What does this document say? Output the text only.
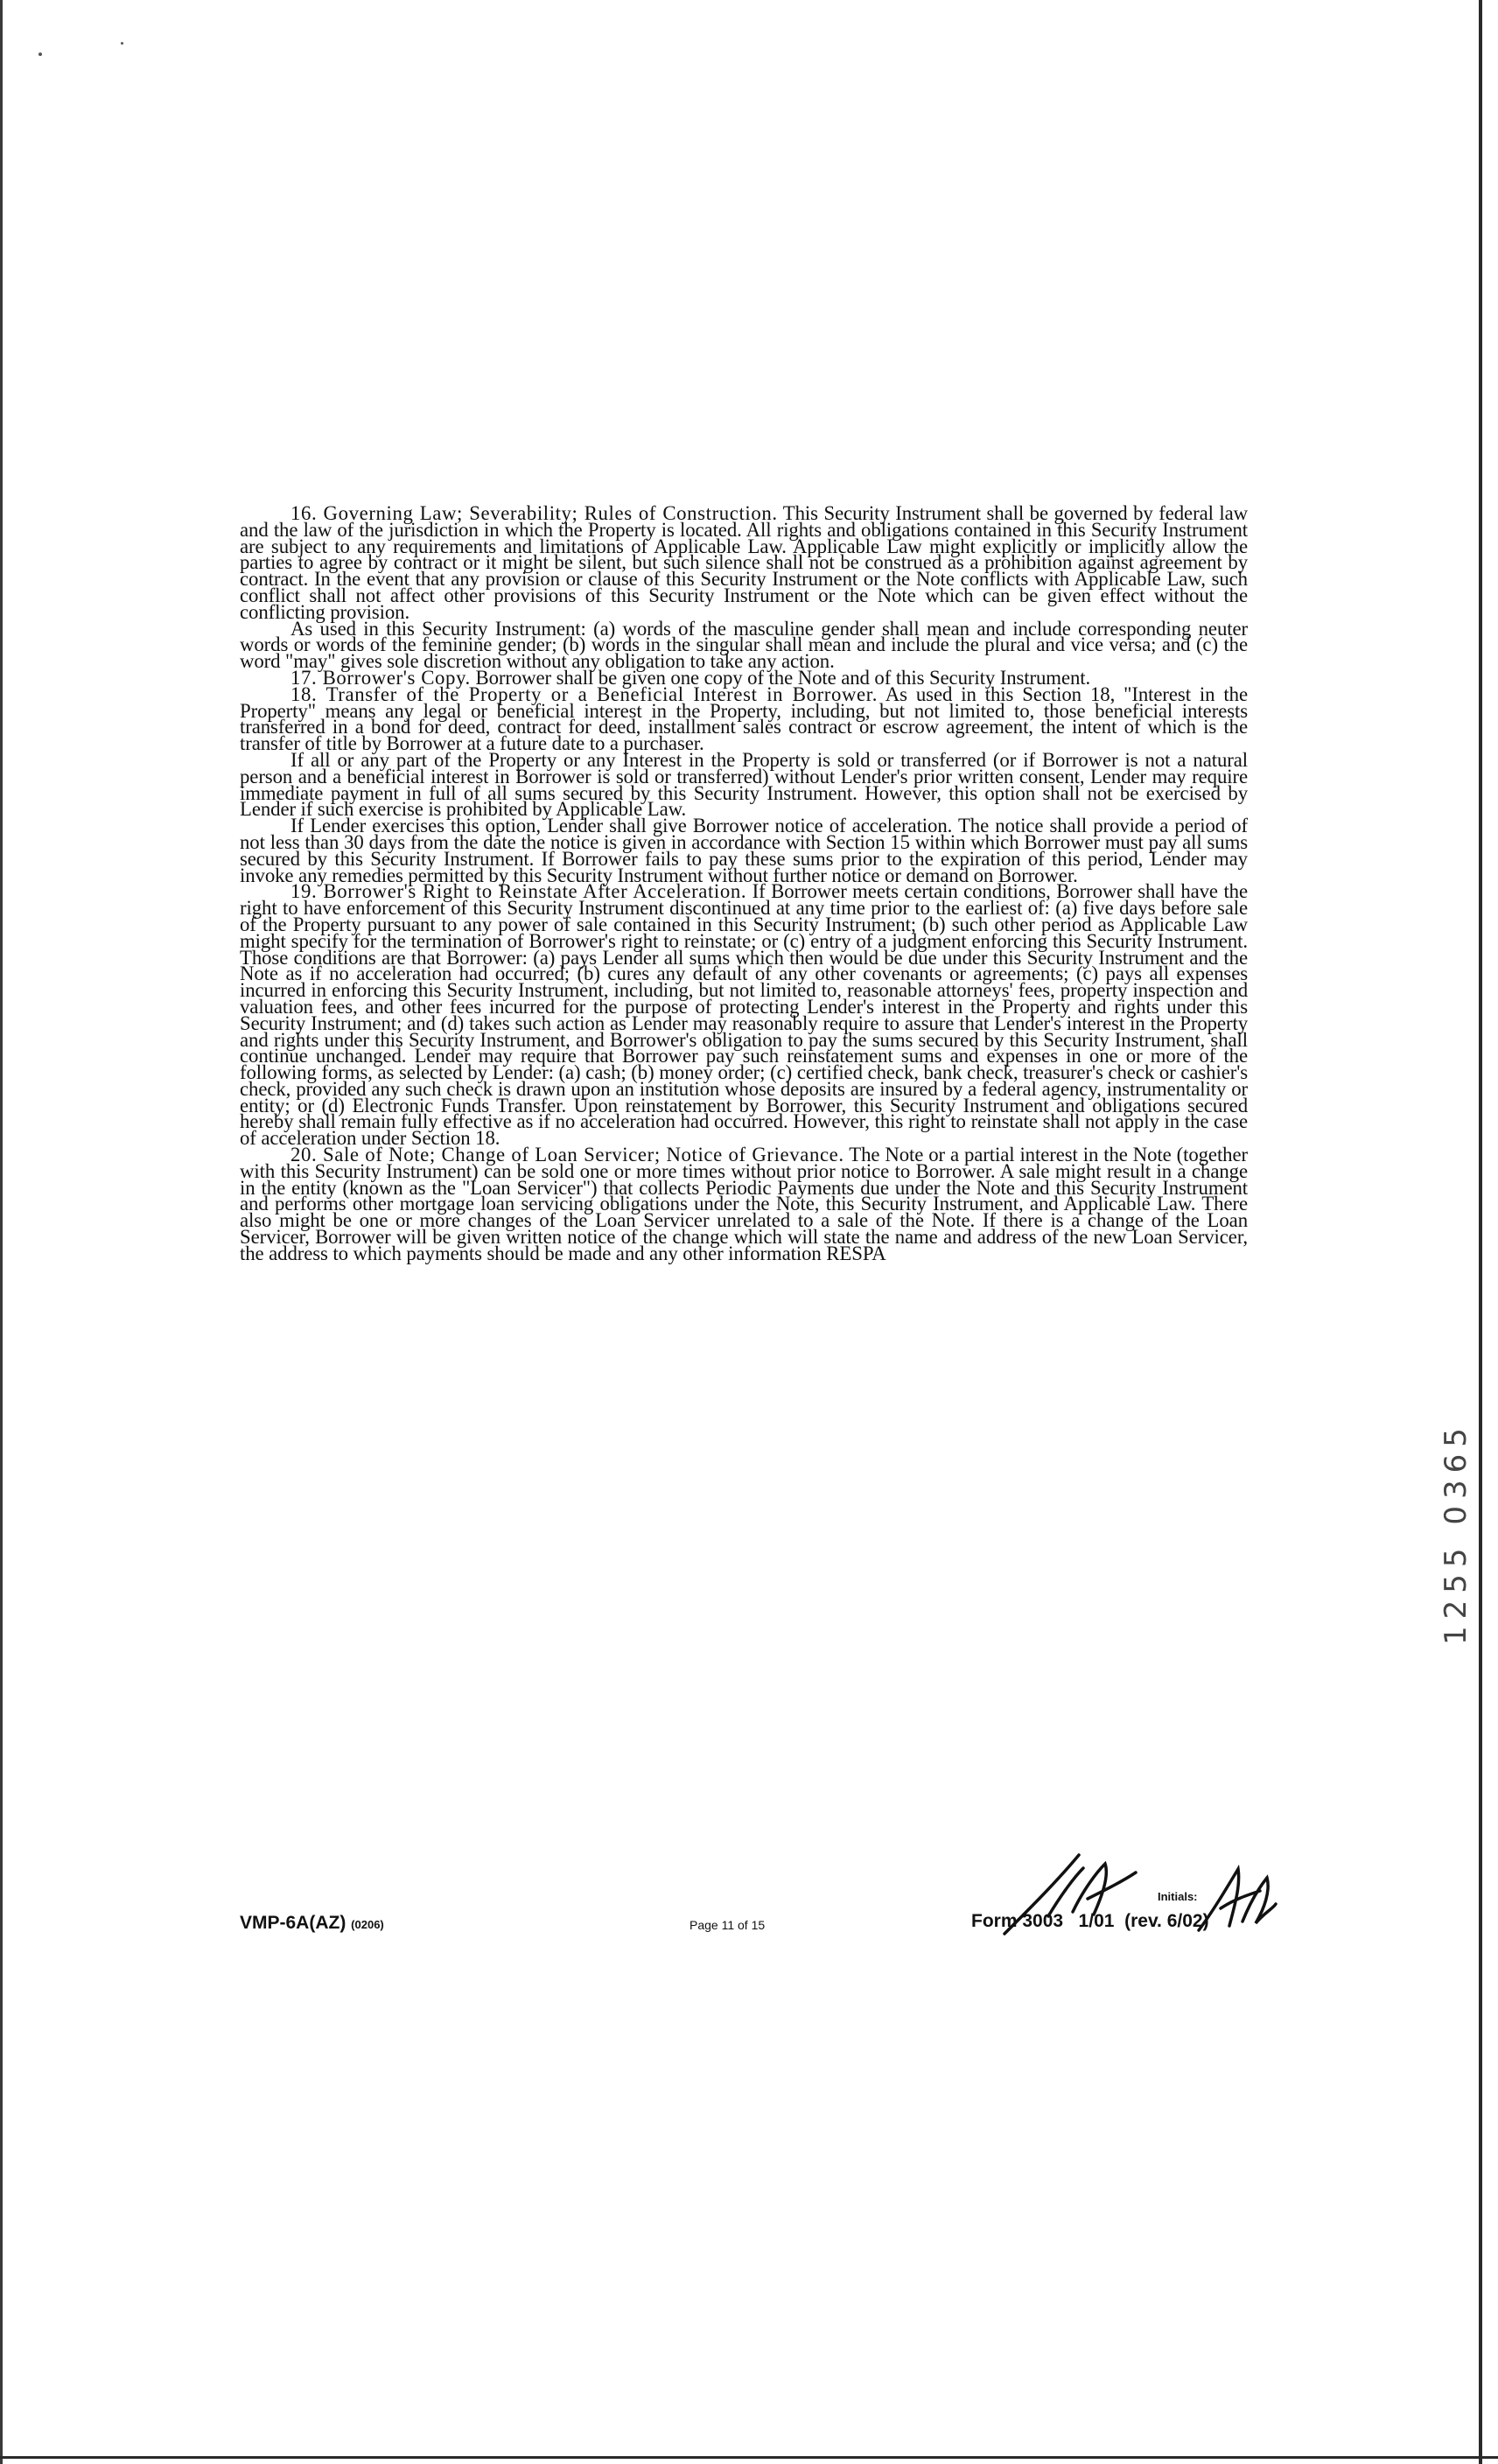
16. Governing Law; Severability; Rules of Construction. This Security Instrument shall be governed by federal law and the law of the jurisdiction in which the Property is located. All rights and obligations contained in this Security Instrument are subject to any requirements and limitations of Applicable Law. Applicable Law might explicitly or implicitly allow the parties to agree by contract or it might be silent, but such silence shall not be construed as a prohibition against agreement by contract. In the event that any provision or clause of this Security Instrument or the Note conflicts with Applicable Law, such conflict shall not affect other provisions of this Security Instrument or the Note which can be given effect without the conflicting provision.

As used in this Security Instrument: (a) words of the masculine gender shall mean and include corresponding neuter words or words of the feminine gender; (b) words in the singular shall mean and include the plural and vice versa; and (c) the word "may" gives sole discretion without any obligation to take any action.

17. Borrower's Copy. Borrower shall be given one copy of the Note and of this Security Instrument.

18. Transfer of the Property or a Beneficial Interest in Borrower. As used in this Section 18, "Interest in the Property" means any legal or beneficial interest in the Property, including, but not limited to, those beneficial interests transferred in a bond for deed, contract for deed, installment sales contract or escrow agreement, the intent of which is the transfer of title by Borrower at a future date to a purchaser.

If all or any part of the Property or any Interest in the Property is sold or transferred (or if Borrower is not a natural person and a beneficial interest in Borrower is sold or transferred) without Lender's prior written consent, Lender may require immediate payment in full of all sums secured by this Security Instrument. However, this option shall not be exercised by Lender if such exercise is prohibited by Applicable Law.

If Lender exercises this option, Lender shall give Borrower notice of acceleration. The notice shall provide a period of not less than 30 days from the date the notice is given in accordance with Section 15 within which Borrower must pay all sums secured by this Security Instrument. If Borrower fails to pay these sums prior to the expiration of this period, Lender may invoke any remedies permitted by this Security Instrument without further notice or demand on Borrower.

19. Borrower's Right to Reinstate After Acceleration. If Borrower meets certain conditions, Borrower shall have the right to have enforcement of this Security Instrument discontinued at any time prior to the earliest of: (a) five days before sale of the Property pursuant to any power of sale contained in this Security Instrument; (b) such other period as Applicable Law might specify for the termination of Borrower's right to reinstate; or (c) entry of a judgment enforcing this Security Instrument. Those conditions are that Borrower: (a) pays Lender all sums which then would be due under this Security Instrument and the Note as if no acceleration had occurred; (b) cures any default of any other covenants or agreements; (c) pays all expenses incurred in enforcing this Security Instrument, including, but not limited to, reasonable attorneys' fees, property inspection and valuation fees, and other fees incurred for the purpose of protecting Lender's interest in the Property and rights under this Security Instrument; and (d) takes such action as Lender may reasonably require to assure that Lender's interest in the Property and rights under this Security Instrument, and Borrower's obligation to pay the sums secured by this Security Instrument, shall continue unchanged. Lender may require that Borrower pay such reinstatement sums and expenses in one or more of the following forms, as selected by Lender: (a) cash; (b) money order; (c) certified check, bank check, treasurer's check or cashier's check, provided any such check is drawn upon an institution whose deposits are insured by a federal agency, instrumentality or entity; or (d) Electronic Funds Transfer. Upon reinstatement by Borrower, this Security Instrument and obligations secured hereby shall remain fully effective as if no acceleration had occurred. However, this right to reinstate shall not apply in the case of acceleration under Section 18.

20. Sale of Note; Change of Loan Servicer; Notice of Grievance. The Note or a partial interest in the Note (together with this Security Instrument) can be sold one or more times without prior notice to Borrower. A sale might result in a change in the entity (known as the "Loan Servicer") that collects Periodic Payments due under the Note and this Security Instrument and performs other mortgage loan servicing obligations under the Note, this Security Instrument, and Applicable Law. There also might be one or more changes of the Loan Servicer unrelated to a sale of the Note. If there is a change of the Loan Servicer, Borrower will be given written notice of the change which will state the name and address of the new Loan Servicer, the address to which payments should be made and any other information RESPA

VMP-6A(AZ) (0206)	Page 11 of 15
Initials:
Form 3003   1/01  (rev. 6/02)
1255 0365
